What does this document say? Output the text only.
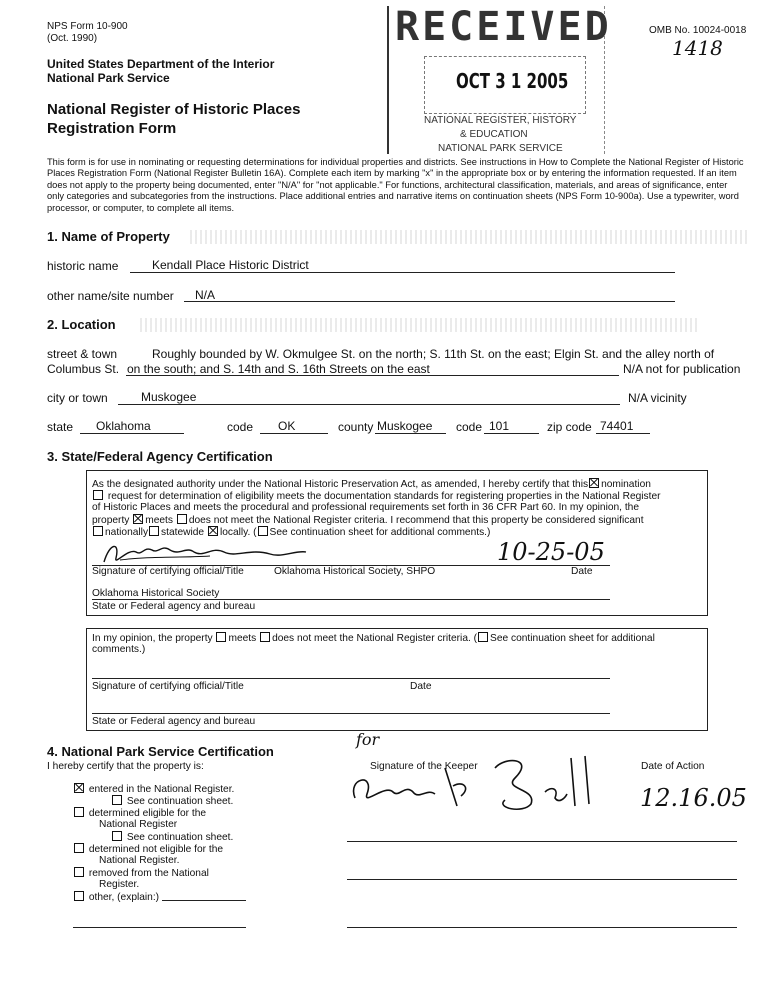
NPS Form 10-900
(Oct. 1990)
United States Department of the Interior
National Park Service
National Register of Historic Places
Registration Form
OMB No. 10024-0018
1418
RECEIVED
OCT 3 1 2005
NATIONAL REGISTER, HISTORY
& EDUCATION
NATIONAL PARK SERVICE
This form is for use in nominating or requesting determinations for individual properties and districts. See instructions in How to Complete the National Register of Historic Places Registration Form (National Register Bulletin 16A). Complete each item by marking "x" in the appropriate box or by entering the information requested. If an item does not apply to the property being documented, enter "N/A" for "not applicable." For functions, architectural classification, materials, and areas of significance, enter only categories and subcategories from the instructions. Place additional entries and narrative items on continuation sheets (NPS Form 10-900a). Use a typewriter, word processor, or computer, to complete all items.
1. Name of Property
historic name	Kendall Place Historic District
other name/site number N/A
2. Location
street & town	Roughly bounded by W. Okmulgee St. on the north; S. 11th St. on the east; Elgin St. and the alley north of
Columbus St. on the south; and S. 14th and S. 16th Streets on the east	N/A not for publication
city or town	Muskogee	N/A vicinity
state Oklahoma	code OK	county Muskogee code 101	zip code 74401
3. State/Federal Agency Certification
As the designated authority under the National Historic Preservation Act, as amended, I hereby certify that this nomination
request for determination of eligibility meets the documentation standards for registering properties in the National Register
of Historic Places and meets the procedural and professional requirements set forth in 36 CFR Part 60. In my opinion, the
property meets does not meet the National Register criteria. I recommend that this property be considered significant
nationally statewide locally. ( See continuation sheet for additional comments.)
10-25-05
Signature of certifying official/Title	Oklahoma Historical Society, SHPO	Date
Oklahoma Historical Society
State or Federal agency and bureau
In my opinion, the property meets does not meet the National Register criteria. ( See continuation sheet for additional
comments.)
Signature of certifying official/Title	Date
State or Federal agency and bureau
4. National Park Service Certification
I hereby certify that the property is:
entered in the National Register.
See continuation sheet.
determined eligible for the
National Register
See continuation sheet.
determined not eligible for the
National Register.
removed from the National
Register.
other, (explain:)
Signature of the Keeper	Date of Action
for
12.16.05
